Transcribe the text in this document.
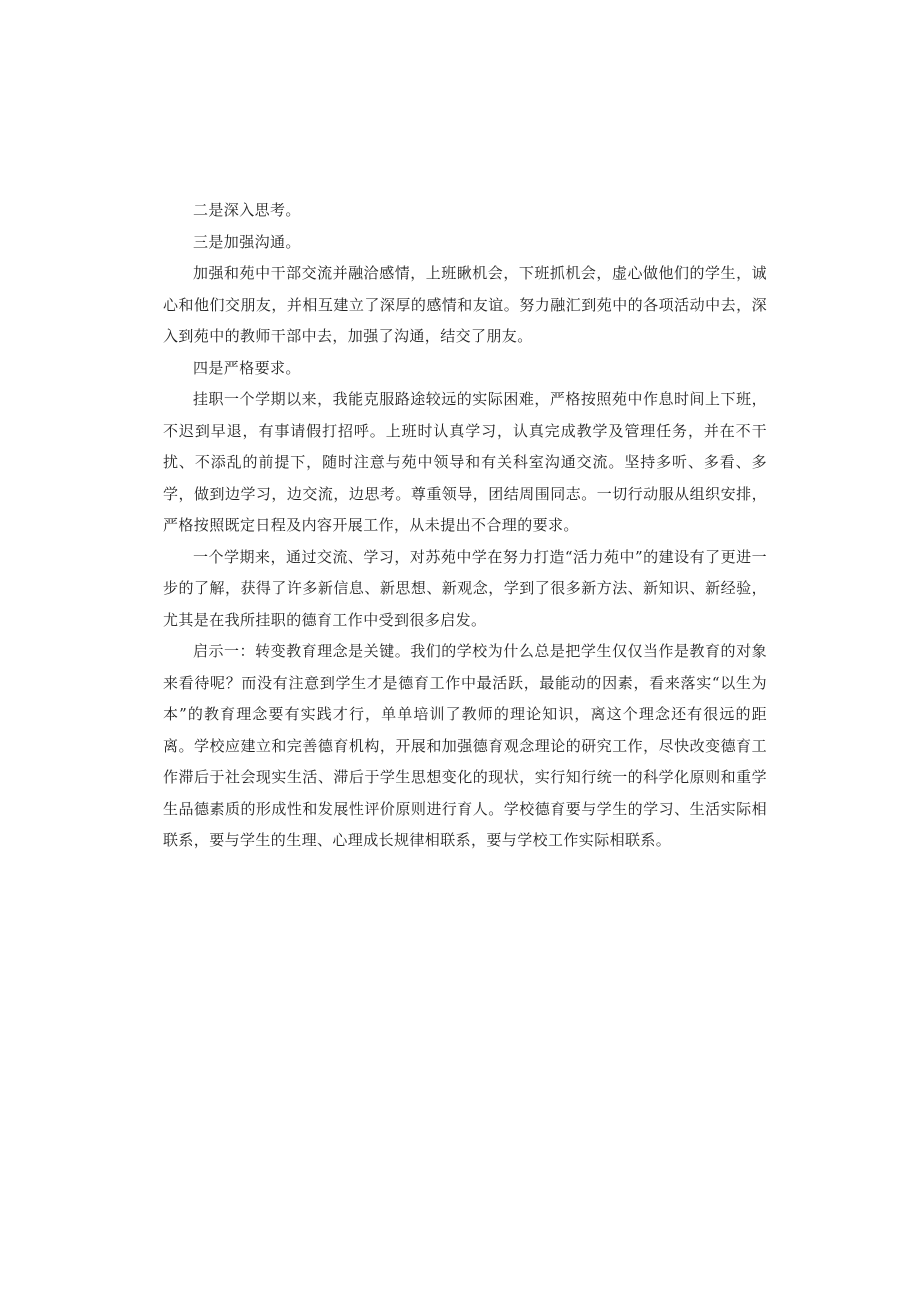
二是深入思考。

三是加强沟通。

加强和苑中干部交流并融洽感情，上班瞅机会，下班抓机会，虚心做他们的学生，诚心和他们交朋友，并相互建立了深厚的感情和友谊。努力融汇到苑中的各项活动中去，深入到苑中的教师干部中去，加强了沟通，结交了朋友。

四是严格要求。

挂职一个学期以来，我能克服路途较远的实际困难，严格按照苑中作息时间上下班，不迟到早退，有事请假打招呼。上班时认真学习，认真完成教学及管理任务，并在不干扰、不添乱的前提下，随时注意与苑中领导和有关科室沟通交流。坚持多听、多看、多学，做到边学习，边交流，边思考。尊重领导，团结周围同志。一切行动服从组织安排，严格按照既定日程及内容开展工作，从未提出不合理的要求。

一个学期来，通过交流、学习，对苏苑中学在努力打造“活力苑中”的建设有了更进一步的了解，获得了许多新信息、新思想、新观念，学到了很多新方法、新知识、新经验，尤其是在我所挂职的德育工作中受到很多启发。

启示一：转变教育理念是关键。我们的学校为什么总是把学生仅仅当作是教育的对象来看待呢？而没有注意到学生才是德育工作中最活跃，最能动的因素，看来落实“以生为本”的教育理念要有实践才行，单单培训了教师的理论知识，离这个理念还有很远的距离。学校应建立和完善德育机构，开展和加强德育观念理论的研究工作，尽快改变德育工作滞后于社会现实生活、滞后于学生思想变化的现状，实行知行统一的科学化原则和重学生品德素质的形成性和发展性评价原则进行育人。学校德育要与学生的学习、生活实际相联系，要与学生的生理、心理成长规律相联系，要与学校工作实际相联系。
